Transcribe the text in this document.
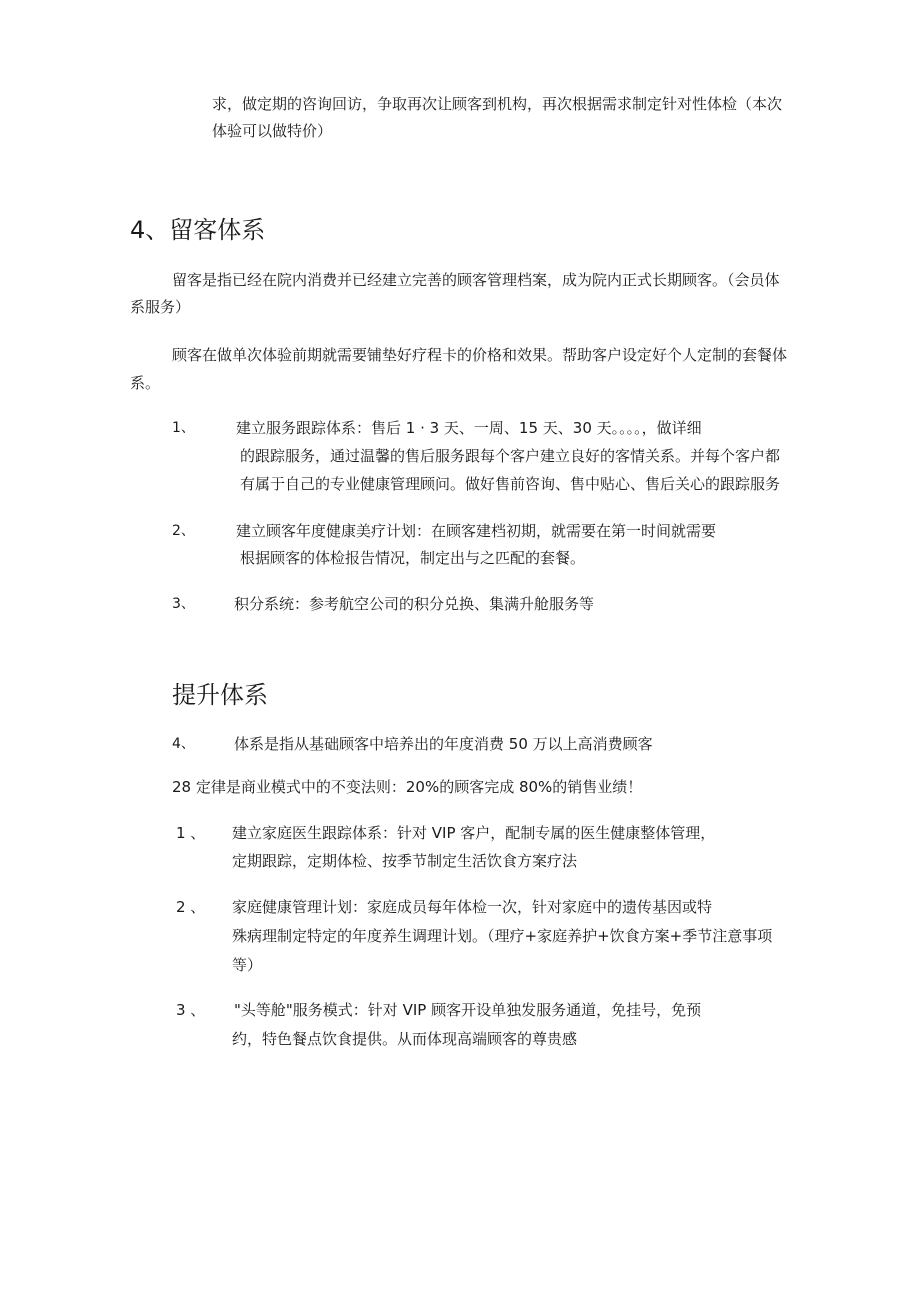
求，做定期的咨询回访，争取再次让顾客到机构，再次根据需求制定针对性体检（本次
体验可以做特价）
4、留客体系
留客是指已经在院内消费并已经建立完善的顾客管理档案，成为院内正式长期顾客。（会员体
系服务）
顾客在做单次体验前期就需要铺垫好疗程卡的价格和效果。帮助客户设定好个人定制的套餐体
系。
1、	建立服务跟踪体系：售后 1 · 3 天、一周、15 天、30 天。。。。，做详细
的跟踪服务，通过温馨的售后服务跟每个客户建立良好的客情关系。并每个客户都
有属于自己的专业健康管理顾问。做好售前咨询、售中贴心、售后关心的跟踪服务
2、	建立顾客年度健康美疗计划：在顾客建档初期，就需要在第一时间就需要
根据顾客的体检报告情况，制定出与之匹配的套餐。
3、	积分系统：参考航空公司的积分兑换、集满升舱服务等
提升体系
4、	体系是指从基础顾客中培养出的年度消费 50 万以上高消费顾客
28 定律是商业模式中的不变法则：20%的顾客完成 80%的销售业绩！
1 、 建立家庭医生跟踪体系：针对 VIP 客户，配制专属的医生健康整体管理，
定期跟踪，定期体检、按季节制定生活饮食方案疗法
2 、 家庭健康管理计划：家庭成员每年体检一次，针对家庭中的遗传基因或特
殊病理制定特定的年度养生调理计划。（理疗+家庭养护+饮食方案+季节注意事项
等）
3 、 "头等舱"服务模式：针对 VIP 顾客开设单独发服务通道，免挂号，免预
约，特色餐点饮食提供。从而体现高端顾客的尊贵感
